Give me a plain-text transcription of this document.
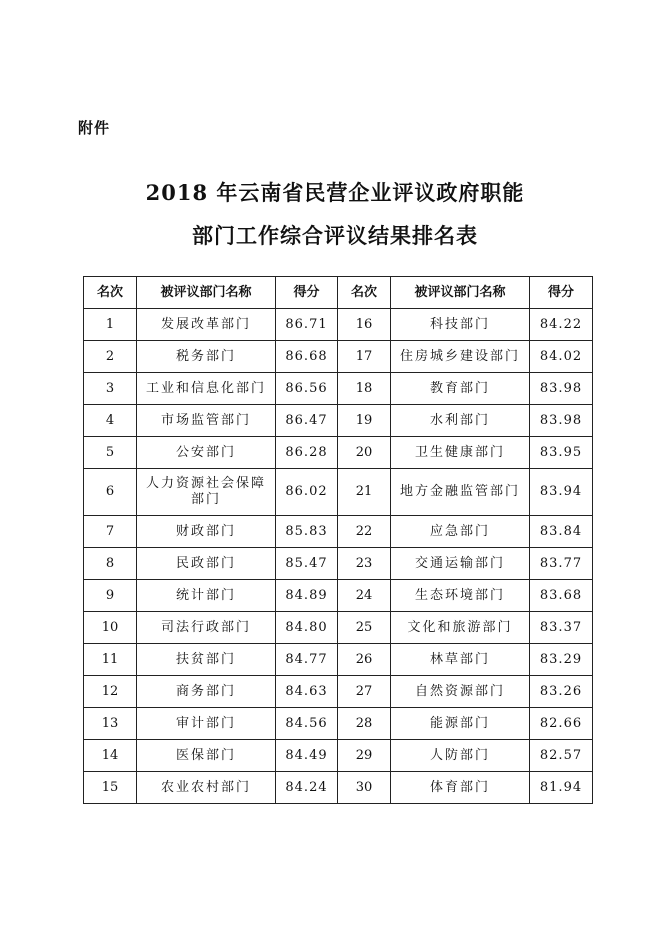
附件
2018 年云南省民营企业评议政府职能
部门工作综合评议结果排名表
名次	被评议部门名称	得分	名次	被评议部门名称	得分
1	发展改革部门	86.71	16	科技部门	84.22
2	税务部门	86.68	17	住房城乡建设部门	84.02
3	工业和信息化部门	86.56	18	教育部门	83.98
4	市场监管部门	86.47	19	水利部门	83.98
5	公安部门	86.28	20	卫生健康部门	83.95
6	人力资源社会保障
部门	86.02	21	地方金融监管部门	83.94
7	财政部门	85.83	22	应急部门	83.84
8	民政部门	85.47	23	交通运输部门	83.77
9	统计部门	84.89	24	生态环境部门	83.68
10	司法行政部门	84.80	25	文化和旅游部门	83.37
11	扶贫部门	84.77	26	林草部门	83.29
12	商务部门	84.63	27	自然资源部门	83.26
13	审计部门	84.56	28	能源部门	82.66
14	医保部门	84.49	29	人防部门	82.57
15	农业农村部门	84.24	30	体育部门	81.94
